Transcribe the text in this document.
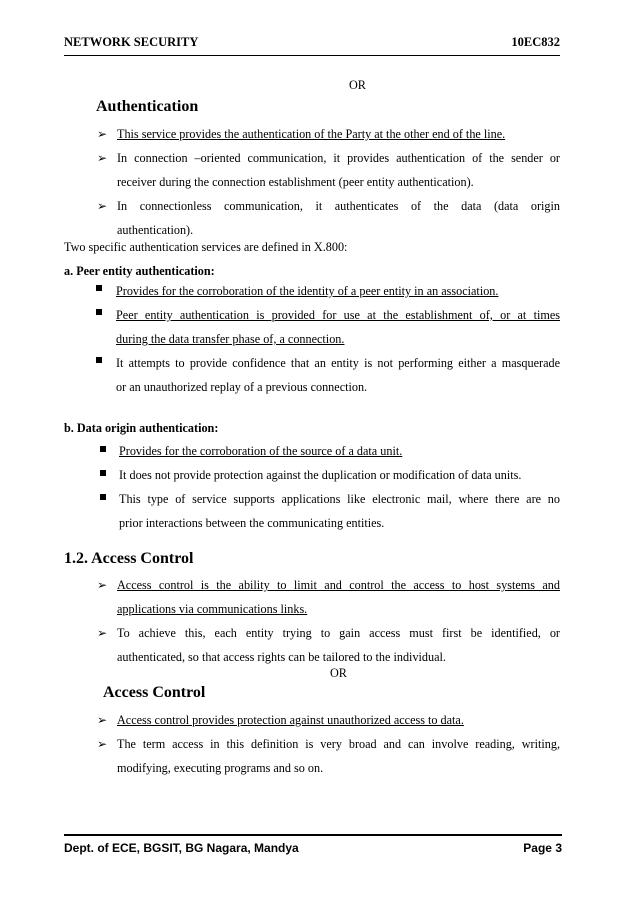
NETWORK SECURITY	10EC832
OR
Authentication
➢ This service provides the authentication of the Party at the other end of the line.
➢ In connection –oriented communication, it provides authentication of the sender or
receiver during the connection establishment (peer entity authentication).
➢ In connectionless communication, it authenticates of the data (data origin
authentication).
Two specific authentication services are defined in X.800:
a. Peer entity authentication:
Provides for the corroboration of the identity of a peer entity in an association.
Peer entity authentication is provided for use at the establishment of, or at times
during the data transfer phase of, a connection.
It attempts to provide confidence that an entity is not performing either a masquerade
or an unauthorized replay of a previous connection.
b. Data origin authentication:
Provides for the corroboration of the source of a data unit.
It does not provide protection against the duplication or modification of data units.
This type of service supports applications like electronic mail, where there are no
prior interactions between the communicating entities.
1.2. Access Control
➢ Access control is the ability to limit and control the access to host systems and
applications via communications links.
➢ To achieve this, each entity trying to gain access must first be identified, or
authenticated, so that access rights can be tailored to the individual.
OR
Access Control
➢ Access control provides protection against unauthorized access to data.
➢ The term access in this definition is very broad and can involve reading, writing,
modifying, executing programs and so on.
Dept. of ECE, BGSIT, BG Nagara, Mandya	Page 3
